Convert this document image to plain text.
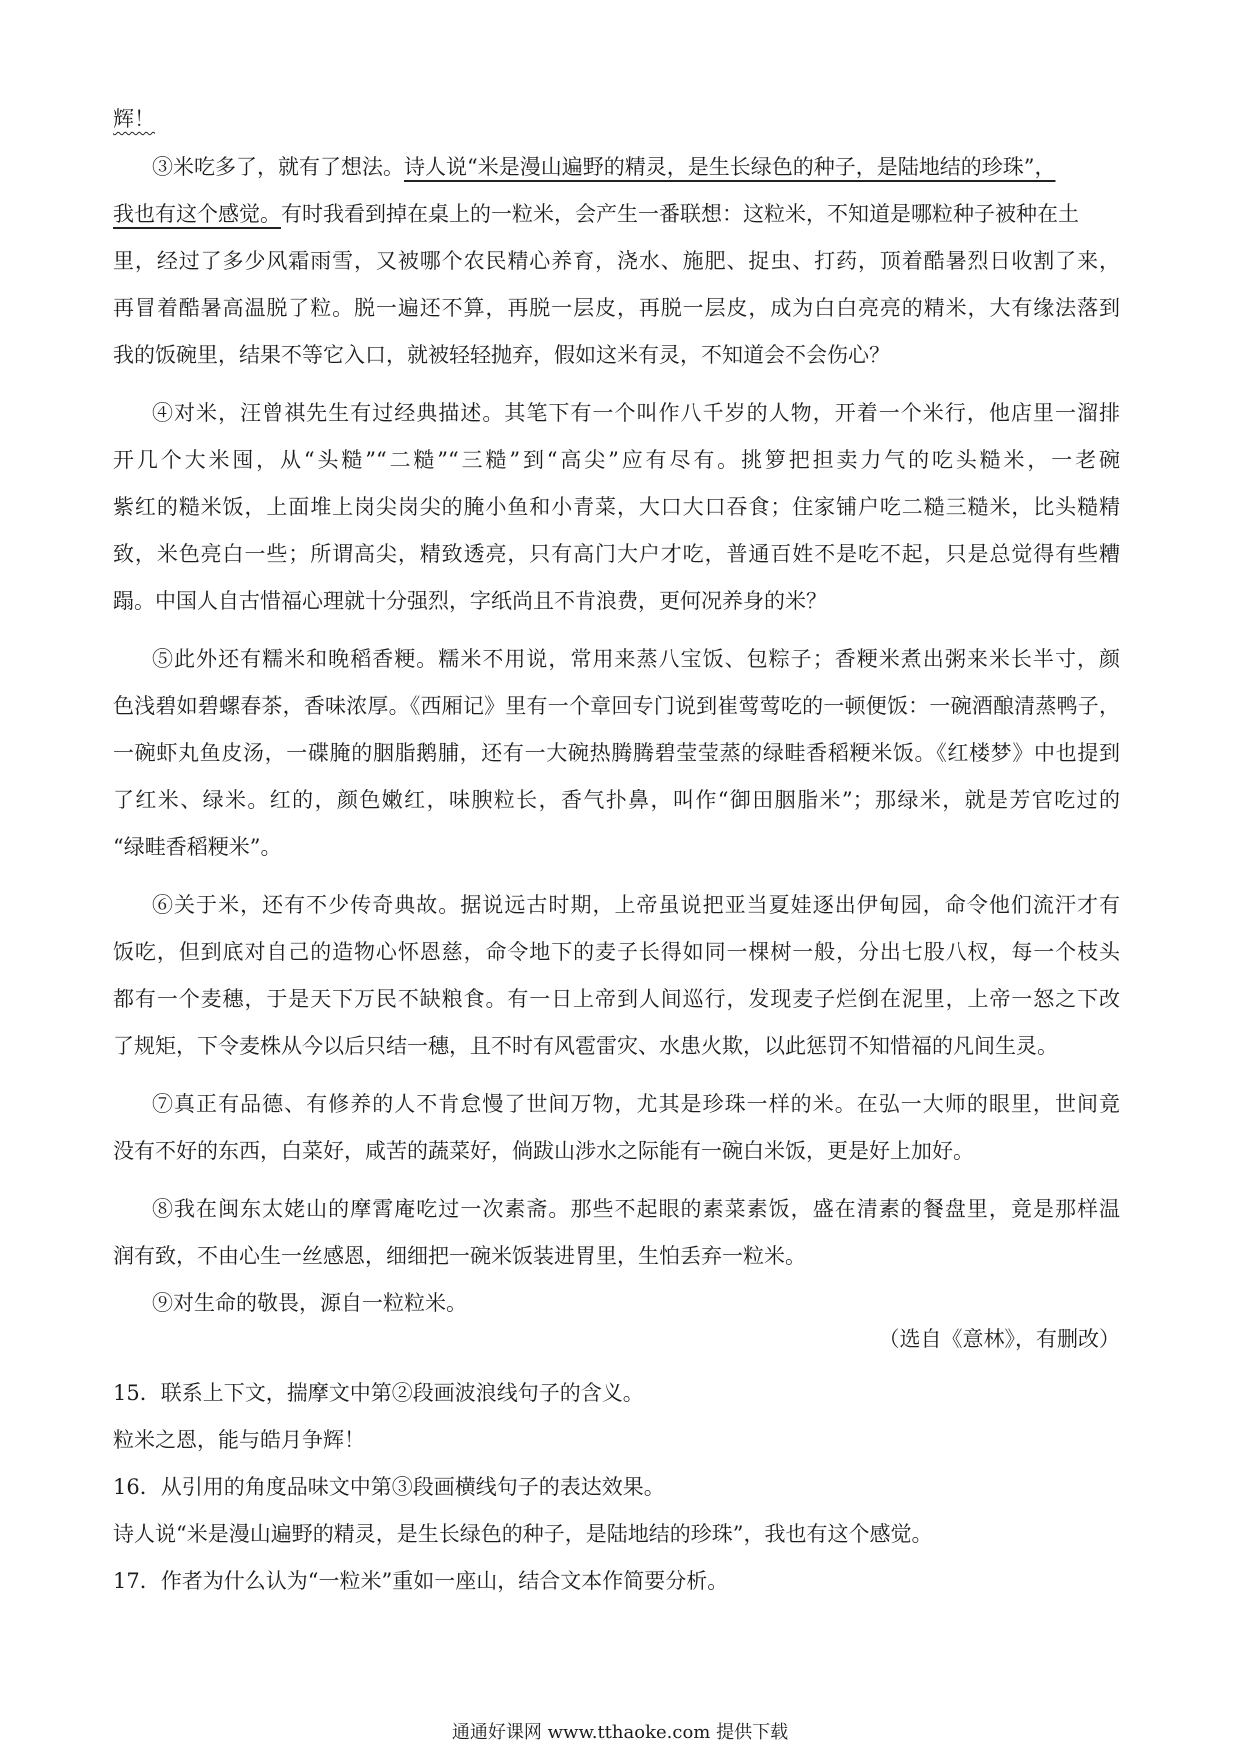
辉！
③米吃多了，就有了想法。诗人说“米是漫山遍野的精灵，是生长绿色的种子，是陆地结的珍珠”，
我也有这个感觉。有时我看到掉在桌上的一粒米，会产生一番联想：这粒米，不知道是哪粒种子被种在土
里，经过了多少风霜雨雪，又被哪个农民精心养育，浇水、施肥、捉虫、打药，顶着酷暑烈日收割了来，
再冒着酷暑高温脱了粒。脱一遍还不算，再脱一层皮，再脱一层皮，成为白白亮亮的精米，大有缘法落到
我的饭碗里，结果不等它入口，就被轻轻抛弃，假如这米有灵，不知道会不会伤心？
④对米，汪曾祺先生有过经典描述。其笔下有一个叫作八千岁的人物，开着一个米行，他店里一溜排
开几个大米囤，从“头糙”“二糙”“三糙”到“高尖”应有尽有。挑箩把担卖力气的吃头糙米，一老碗
紫红的糙米饭，上面堆上岗尖岗尖的腌小鱼和小青菜，大口大口吞食；住家铺户吃二糙三糙米，比头糙精
致，米色亮白一些；所谓高尖，精致透亮，只有高门大户才吃，普通百姓不是吃不起，只是总觉得有些糟
蹋。中国人自古惜福心理就十分强烈，字纸尚且不肯浪费，更何况养身的米？
⑤此外还有糯米和晚稻香粳。糯米不用说，常用来蒸八宝饭、包粽子；香粳米煮出粥来米长半寸，颜
色浅碧如碧螺春茶，香味浓厚。《西厢记》里有一个章回专门说到崔莺莺吃的一顿便饭：一碗酒酿清蒸鸭子，
一碗虾丸鱼皮汤，一碟腌的胭脂鹅脯，还有一大碗热腾腾碧莹莹蒸的绿畦香稻粳米饭。《红楼梦》中也提到
了红米、绿米。红的，颜色嫩红，味腴粒长，香气扑鼻，叫作“御田胭脂米”；那绿米，就是芳官吃过的
“绿畦香稻粳米”。
⑥关于米，还有不少传奇典故。据说远古时期，上帝虽说把亚当夏娃逐出伊甸园，命令他们流汗才有
饭吃，但到底对自己的造物心怀恩慈，命令地下的麦子长得如同一棵树一般，分出七股八杈，每一个枝头
都有一个麦穗，于是天下万民不缺粮食。有一日上帝到人间巡行，发现麦子烂倒在泥里，上帝一怒之下改
了规矩，下令麦株从今以后只结一穗，且不时有风雹雷灾、水患火欺，以此惩罚不知惜福的凡间生灵。
⑦真正有品德、有修养的人不肯怠慢了世间万物，尤其是珍珠一样的米。在弘一大师的眼里，世间竟
没有不好的东西，白菜好，咸苦的蔬菜好，倘跋山涉水之际能有一碗白米饭，更是好上加好。
⑧我在闽东太姥山的摩霄庵吃过一次素斋。那些不起眼的素菜素饭，盛在清素的餐盘里，竟是那样温
润有致，不由心生一丝感恩，细细把一碗米饭装进胃里，生怕丢弃一粒米。
⑨对生命的敬畏，源自一粒粒米。
（选自《意林》，有删改）
15．联系上下文，揣摩文中第②段画波浪线句子的含义。
粒米之恩，能与皓月争辉！
16．从引用的角度品味文中第③段画横线句子的表达效果。
诗人说“米是漫山遍野的精灵，是生长绿色的种子，是陆地结的珍珠”，我也有这个感觉。
17．作者为什么认为“一粒米”重如一座山，结合文本作简要分析。
通通好课网 www.tthaoke.com 提供下载
